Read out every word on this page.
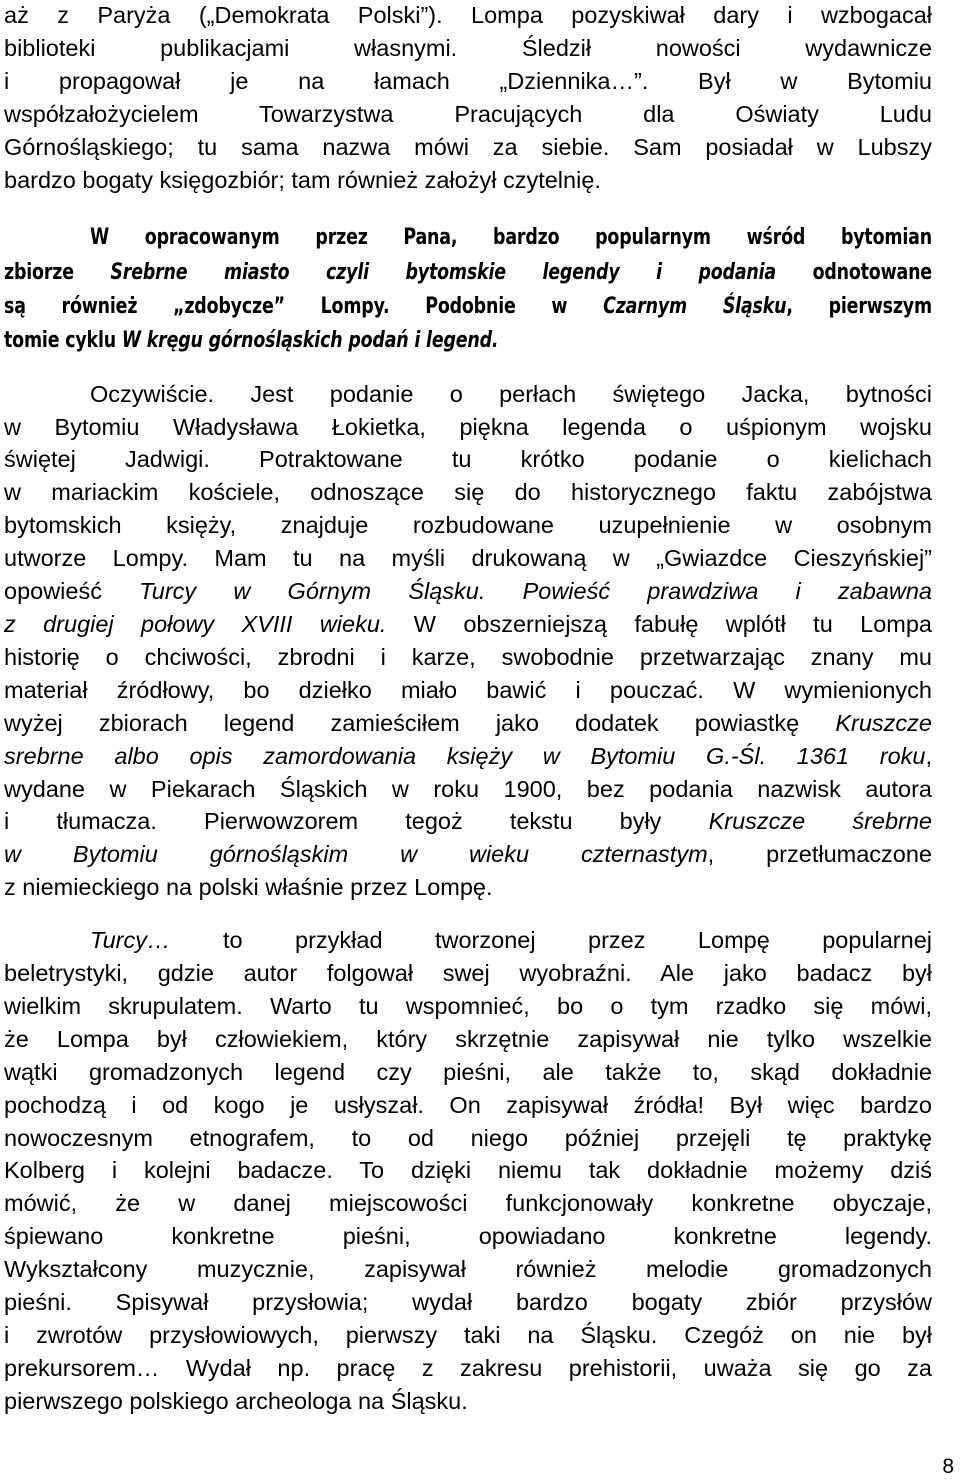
aż z Paryża („Demokrata Polski”). Lompa pozyskiwał dary i wzbogacał
biblioteki publikacjami własnymi. Śledził nowości wydawnicze
i propagował je na łamach „Dziennika…”. Był w Bytomiu
współzałożycielem Towarzystwa Pracujących dla Oświaty Ludu
Górnośląskiego; tu sama nazwa mówi za siebie. Sam posiadał w Lubszy
bardzo bogaty księgozbiór; tam również założył czytelnię.
W opracowanym przez Pana, bardzo popularnym wśród bytomian
zbiorze Srebrne miasto czyli bytomskie legendy i podania odnotowane
są również „zdobycze” Lompy. Podobnie w Czarnym Śląsku, pierwszym
tomie cyklu W kręgu górnośląskich podań i legend.
Oczywiście. Jest podanie o perłach świętego Jacka, bytności
w Bytomiu Władysława Łokietka, piękna legenda o uśpionym wojsku
świętej Jadwigi. Potraktowane tu krótko podanie o kielichach
w mariackim kościele, odnoszące się do historycznego faktu zabójstwa
bytomskich księży, znajduje rozbudowane uzupełnienie w osobnym
utworze Lompy. Mam tu na myśli drukowaną w „Gwiazdce Cieszyńskiej”
opowieść Turcy w Górnym Śląsku. Powieść prawdziwa i zabawna
z drugiej połowy XVIII wieku. W obszerniejszą fabułę wplótł tu Lompa
historię o chciwości, zbrodni i karze, swobodnie przetwarzając znany mu
materiał źródłowy, bo dziełko miało bawić i pouczać. W wymienionych
wyżej zbiorach legend zamieściłem jako dodatek powiastkę Kruszcze
srebrne albo opis zamordowania księży w Bytomiu G.-Śl. 1361 roku,
wydane w Piekarach Śląskich w roku 1900, bez podania nazwisk autora
i tłumacza. Pierwowzorem tegoż tekstu były Kruszcze śrebrne
w Bytomiu górnośląskim w wieku czternastym, przetłumaczone
z niemieckiego na polski właśnie przez Lompę.
Turcy… to przykład tworzonej przez Lompę popularnej
beletrystyki, gdzie autor folgował swej wyobraźni. Ale jako badacz był
wielkim skrupulatem. Warto tu wspomnieć, bo o tym rzadko się mówi,
że Lompa był człowiekiem, który skrzętnie zapisywał nie tylko wszelkie
wątki gromadzonych legend czy pieśni, ale także to, skąd dokładnie
pochodzą i od kogo je usłyszał. On zapisywał źródła! Był więc bardzo
nowoczesnym etnografem, to od niego później przejęli tę praktykę
Kolberg i kolejni badacze. To dzięki niemu tak dokładnie możemy dziś
mówić, że w danej miejscowości funkcjonowały konkretne obyczaje,
śpiewano konkretne pieśni, opowiadano konkretne legendy.
Wykształcony muzycznie, zapisywał również melodie gromadzonych
pieśni. Spisywał przysłowia; wydał bardzo bogaty zbiór przysłów
i zwrotów przysłowiowych, pierwszy taki na Śląsku. Czegóż on nie był
prekursorem… Wydał np. pracę z zakresu prehistorii, uważa się go za
pierwszego polskiego archeologa na Śląsku.
8
